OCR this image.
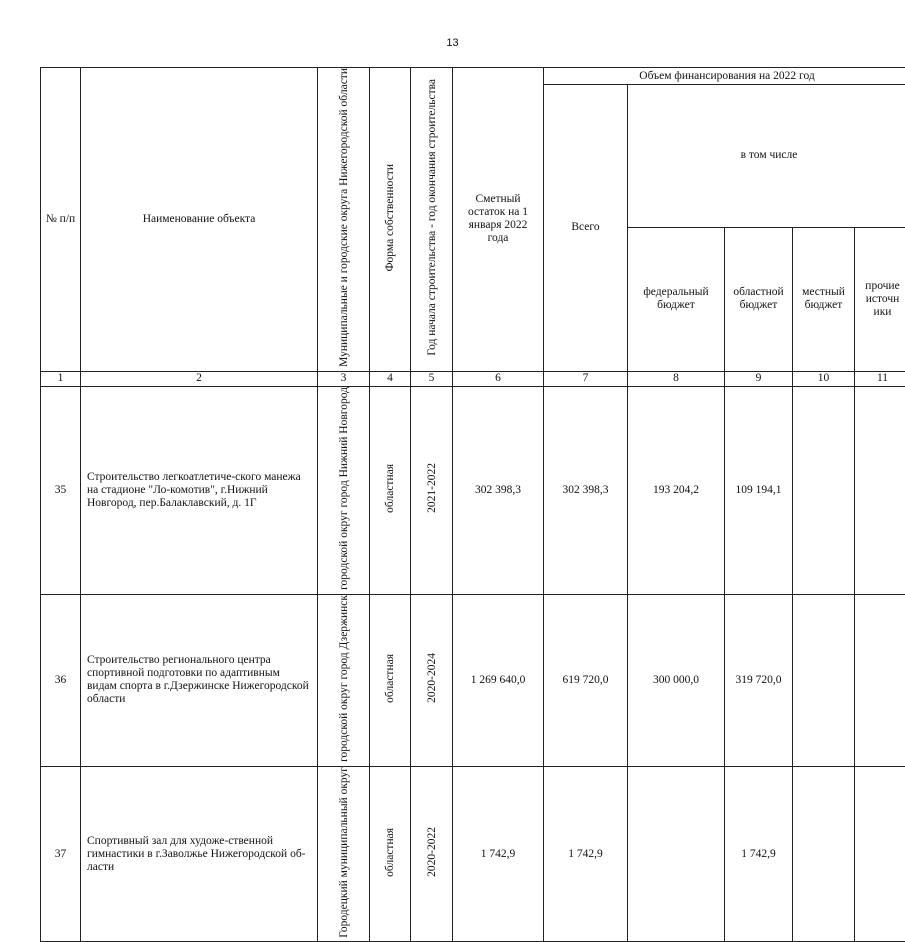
13
№ п/п	Наименование объекта	Муниципальные и городские округа Нижегородской области	Форма собственности	Год начала строительства - год окончания строительства	Сметный остаток на 1 января 2022 года	Объем финансирования на 2022 год				
						Всего	в том числе			
							федеральный бюджет	областной бюджет	местный бюджет	прочие источн ики
1	2	3	4	5	6	7	8	9	10	11
35	Строительство легкоатлетиче-ского манежа на стадионе "Ло-комотив", г.Нижний Новгород, пер.Балаклавский, д. 1Г	городской округ город Нижний Новгород	областная	2021-2022	302 398,3	302 398,3	193 204,2	109 194,1		
36	Строительство регионального центра спортивной подготовки по адаптивным видам спорта в г.Дзержинске Нижегородской области	городской округ город Дзержинск	областная	2020-2024	1 269 640,0	619 720,0	300 000,0	319 720,0		
37	Спортивный зал для художе-ственной гимнастики в г.Заволжье Нижегородской об-ласти	Городецкий муниципальный округ	областная	2020-2022	1 742,9	1 742,9		1 742,9		
